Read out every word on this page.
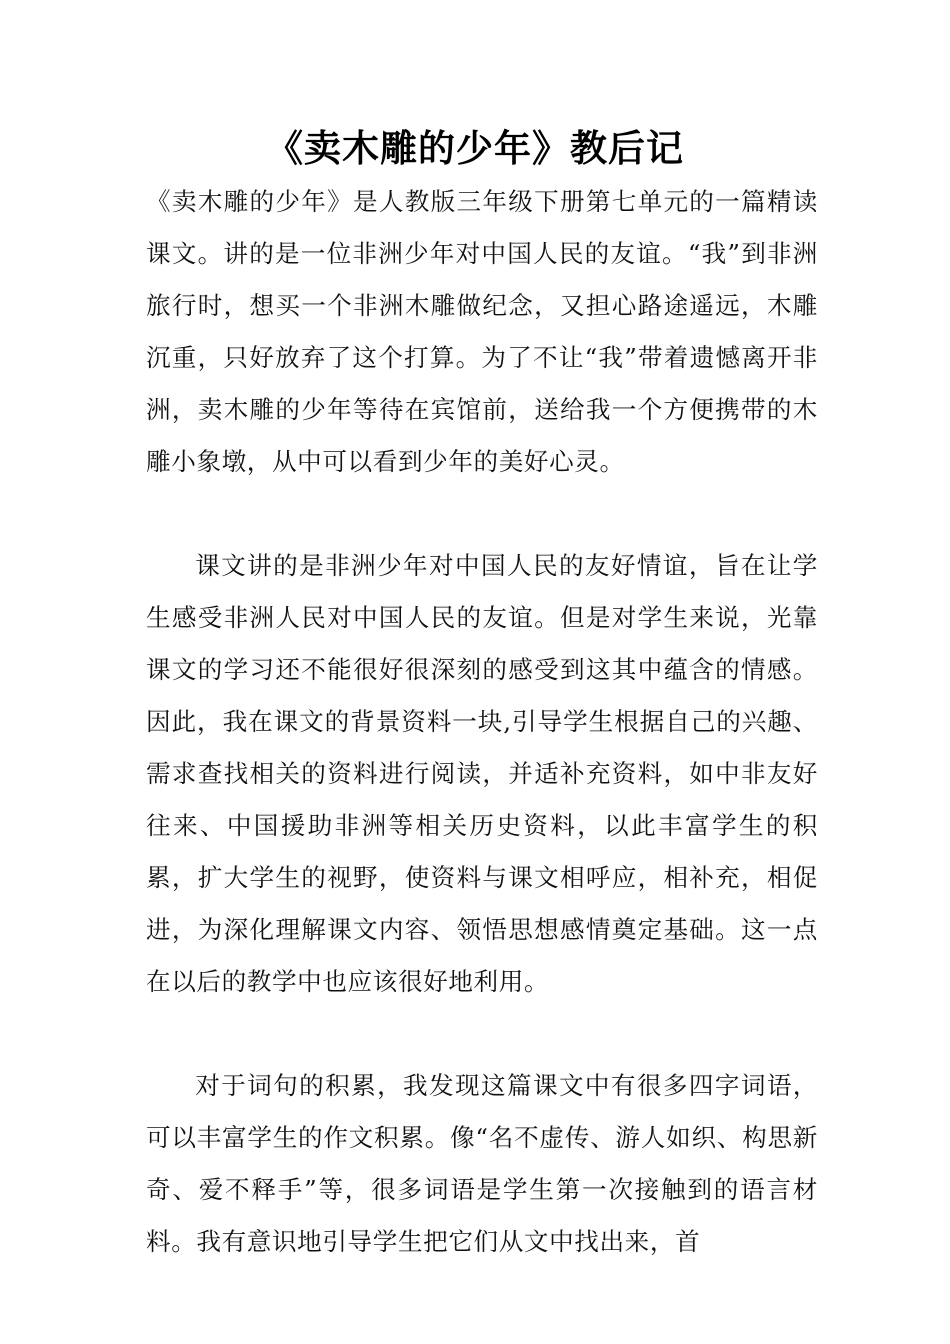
《卖木雕的少年》教后记

《卖木雕的少年》是人教版三年级下册第七单元的一篇精读课文。讲的是一位非洲少年对中国人民的友谊。“我”到非洲旅行时，想买一个非洲木雕做纪念，又担心路途遥远，木雕沉重，只好放弃了这个打算。为了不让“我”带着遗憾离开非洲，卖木雕的少年等待在宾馆前，送给我一个方便携带的木雕小象墩，从中可以看到少年的美好心灵。

课文讲的是非洲少年对中国人民的友好情谊，旨在让学生感受非洲人民对中国人民的友谊。但是对学生来说，光靠课文的学习还不能很好很深刻的感受到这其中蕴含的情感。因此，我在课文的背景资料一块,引导学生根据自己的兴趣、需求查找相关的资料进行阅读，并适补充资料，如中非友好往来、中国援助非洲等相关历史资料，以此丰富学生的积累，扩大学生的视野，使资料与课文相呼应，相补充，相促进，为深化理解课文内容、领悟思想感情奠定基础。这一点在以后的教学中也应该很好地利用。

对于词句的积累，我发现这篇课文中有很多四字词语，可以丰富学生的作文积累。像“名不虚传、游人如织、构思新奇、爱不释手”等，很多词语是学生第一次接触到的语言材料。我有意识地引导学生把它们从文中找出来，首
